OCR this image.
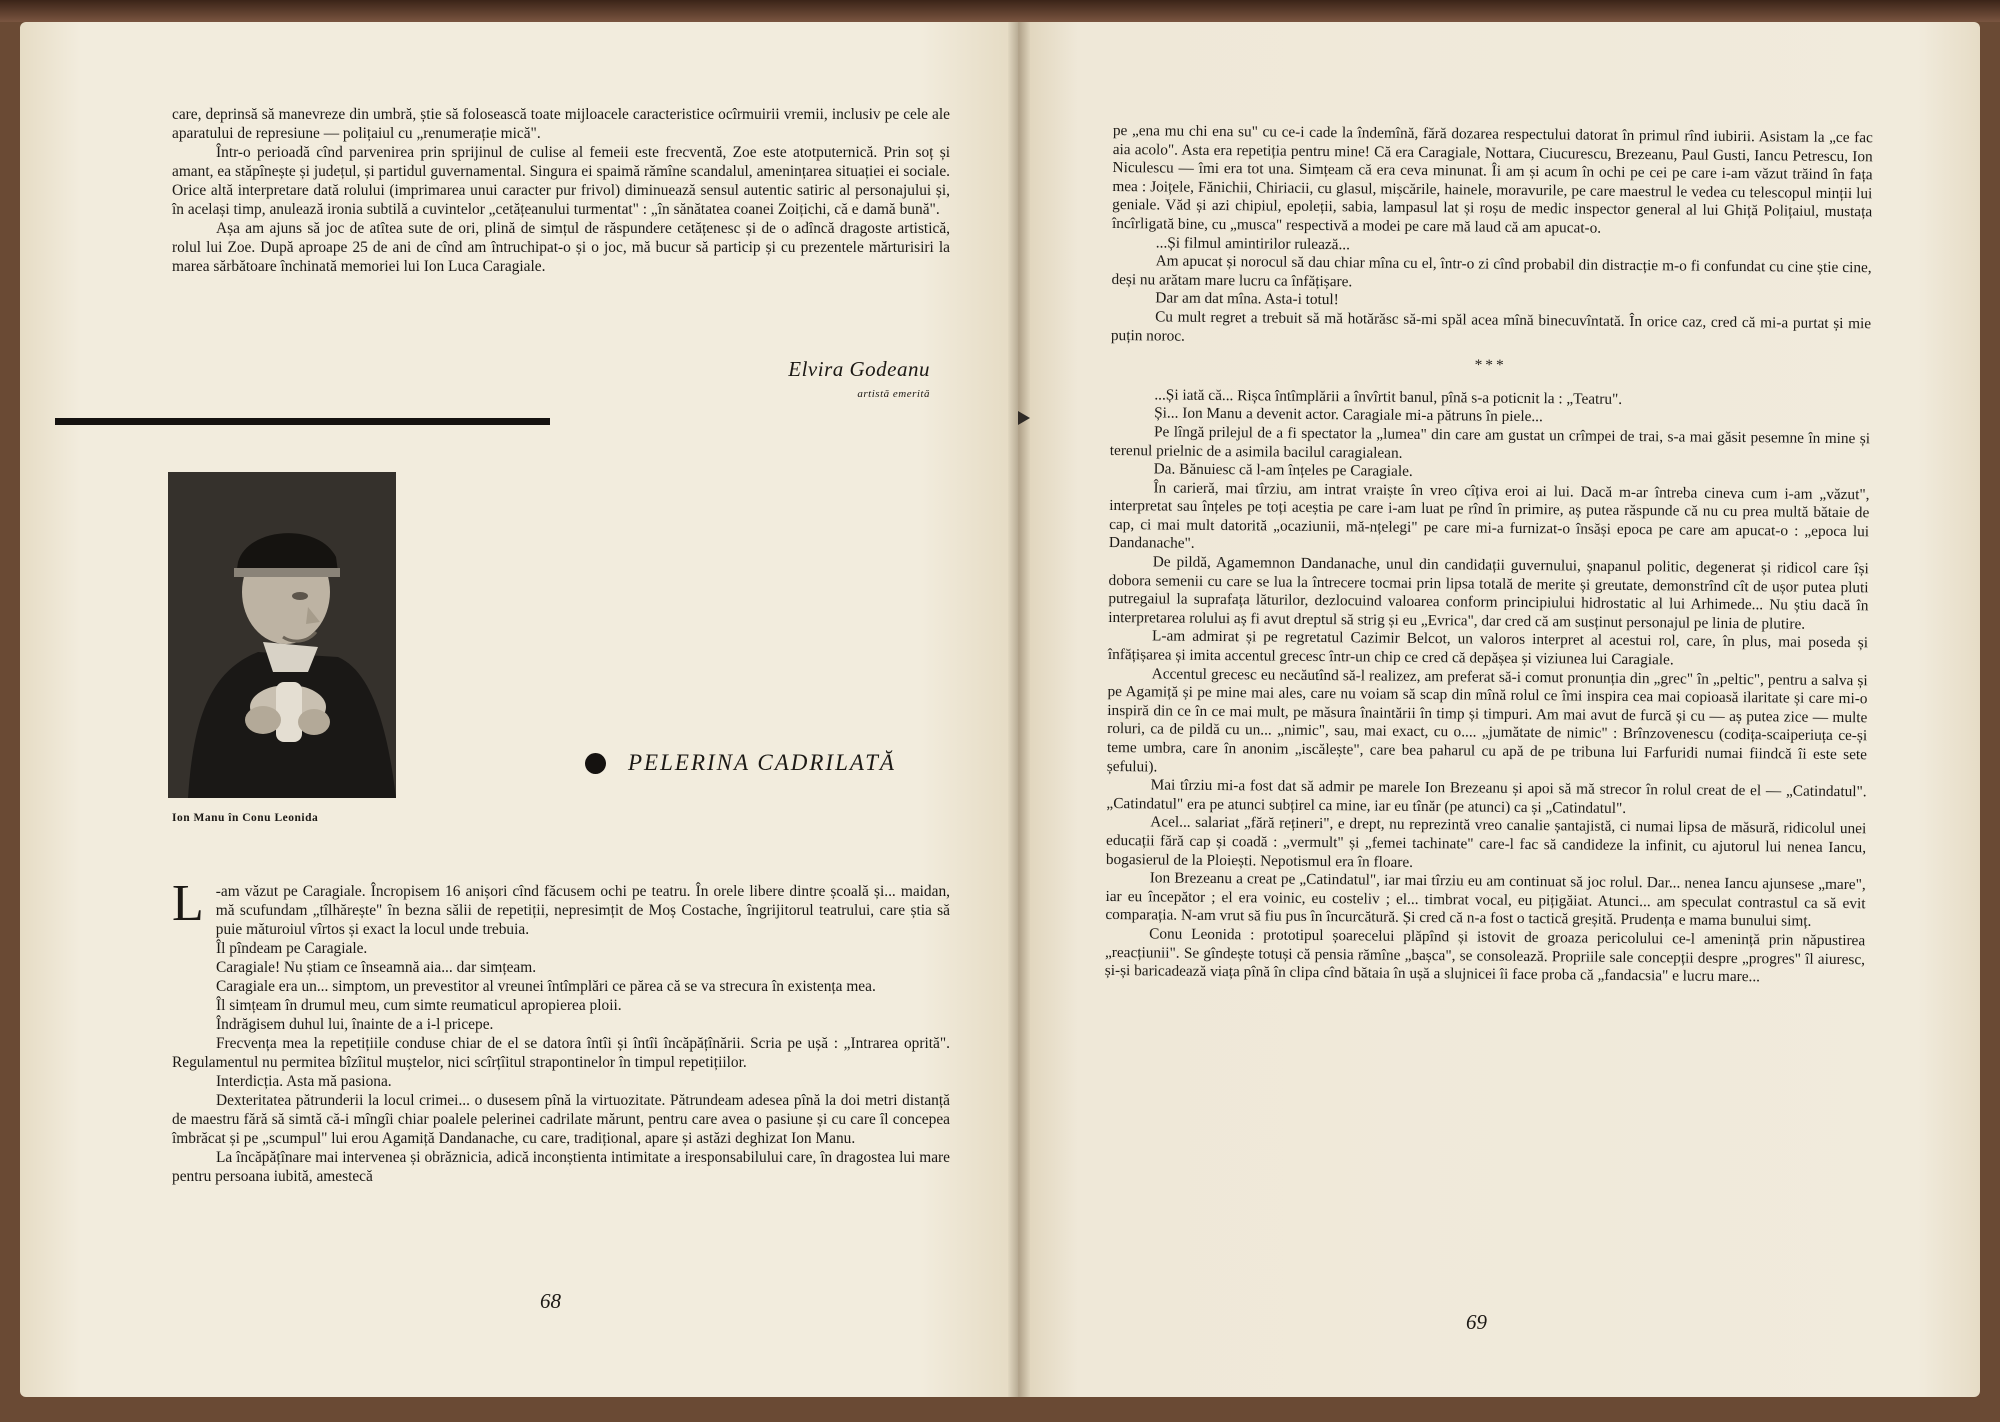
care, deprinsă să manevreze din umbră, știe să folosească toate mijloacele caracteristice ocîrmuirii vremii, inclusiv pe cele ale aparatului de represiune — polițaiul cu „renumerație mică".

Într-o perioadă cînd parvenirea prin sprijinul de culise al femeii este frecventă, Zoe este atotputernică. Prin soț și amant, ea stăpînește și județul, și partidul guvernamental. Singura ei spaimă rămîne scandalul, amenințarea situației ei sociale. Orice altă interpretare dată rolului (imprimarea unui caracter pur frivol) diminuează sensul autentic satiric al personajului și, în același timp, anulează ironia subtilă a cuvintelor „cetățeanului turmentat" : „în sănătatea coanei Zoițichi, că e damă bună".

Așa am ajuns să joc de atîtea sute de ori, plină de simțul de răspundere cetățenesc și de o adîncă dragoste artistică, rolul lui Zoe. După aproape 25 de ani de cînd am întruchipat-o și o joc, mă bucur să particip și cu prezentele mărturisiri la marea sărbătoare închinată memoriei lui Ion Luca Caragiale.

Elvira Godeanu
artistă emerită
Ion Manu în Conu Leonida
PELERINA CADRILATĂ

L -am văzut pe Caragiale. Încropisem 16 anișori cînd făcusem ochi pe teatru. În orele libere dintre școală și... maidan, mă scufundam „tîlhărește" în bezna sălii de repetiții, nepresimțit de Moș Costache, îngrijitorul teatrului, care știa să puie măturoiul vîrtos și exact la locul unde trebuia.

Îl pîndeam pe Caragiale.

Caragiale! Nu știam ce înseamnă aia... dar simțeam.

Caragiale era un... simptom, un prevestitor al vreunei întîmplări ce părea că se va strecura în existența mea.

Îl simțeam în drumul meu, cum simte reumaticul apropierea ploii.

Îndrăgisem duhul lui, înainte de a i-l pricepe.

Frecvența mea la repetițiile conduse chiar de el se datora întîi și întîi încăpățînării. Scria pe ușă : „Intrarea oprită". Regulamentul nu permitea bîzîitul muștelor, nici scîrțîitul strapontinelor în timpul repetițiilor.

Interdicția. Asta mă pasiona.

Dexteritatea pătrunderii la locul crimei... o dusesem pînă la virtuozitate. Pătrundeam adesea pînă la doi metri distanță de maestru fără să simtă că-i mîngîi chiar poalele pelerinei cadrilate mărunt, pentru care avea o pasiune și cu care îl concepea îmbrăcat și pe „scumpul" lui erou Agamiță Dandanache, cu care, tradițional, apare și astăzi deghizat Ion Manu.

La încăpățînare mai intervenea și obrăznicia, adică inconștienta intimitate a iresponsabilului care, în dragostea lui mare pentru persoana iubită, amestecă

68

pe „ena mu chi ena su" cu ce-i cade la îndemînă, fără dozarea respectului datorat în primul rînd iubirii. Asistam la „ce fac aia acolo". Asta era repetiția pentru mine! Că era Caragiale, Nottara, Ciucurescu, Brezeanu, Paul Gusti, Iancu Petrescu, Ion Niculescu — îmi era tot una. Simțeam că era ceva minunat. Îi am și acum în ochi pe cei pe care i-am văzut trăind în fața mea : Joițele, Fănichii, Chiriacii, cu glasul, mișcările, hainele, moravurile, pe care maestrul le vedea cu telescopul minții lui geniale. Văd și azi chipiul, epoleții, sabia, lampasul lat și roșu de medic inspector general al lui Ghiță Polițaiul, mustața încîrligată bine, cu „musca" respectivă a modei pe care mă laud că am apucat-o.

...Și filmul amintirilor rulează...

Am apucat și norocul să dau chiar mîna cu el, într-o zi cînd probabil din distracție m-o fi confundat cu cine știe cine, deși nu arătam mare lucru ca înfățișare.

Dar am dat mîna. Asta-i totul!

Cu mult regret a trebuit să mă hotărăsc să-mi spăl acea mînă binecuvîntată. În orice caz, cred că mi-a purtat și mie puțin noroc.

***

...Și iată că... Rișca întîmplării a învîrtit banul, pînă s-a poticnit la : „Teatru".

Și... Ion Manu a devenit actor. Caragiale mi-a pătruns în piele...

Pe lîngă prilejul de a fi spectator la „lumea" din care am gustat un crîmpei de trai, s-a mai găsit pesemne în mine și terenul prielnic de a asimila bacilul caragialean.

Da. Bănuiesc că l-am înțeles pe Caragiale.

În carieră, mai tîrziu, am intrat vraiște în vreo cîțiva eroi ai lui. Dacă m-ar întreba cineva cum i-am „văzut", interpretat sau înțeles pe toți aceștia pe care i-am luat pe rînd în primire, aș putea răspunde că nu cu prea multă bătaie de cap, ci mai mult datorită „ocaziunii, mă-nțelegi" pe care mi-a furnizat-o însăși epoca pe care am apucat-o : „epoca lui Dandanache".

De pildă, Agamemnon Dandanache, unul din candidații guvernului, șnapanul politic, degenerat și ridicol care își dobora semenii cu care se lua la întrecere tocmai prin lipsa totală de merite și greutate, demonstrînd cît de ușor putea pluti putregaiul la suprafața lăturilor, dezlocuind valoarea conform principiului hidrostatic al lui Arhimede... Nu știu dacă în interpretarea rolului aș fi avut dreptul să strig și eu „Evrica", dar cred că am susținut personajul pe linia de plutire.

L-am admirat și pe regretatul Cazimir Belcot, un valoros interpret al acestui rol, care, în plus, mai poseda și înfățișarea și imita accentul grecesc într-un chip ce cred că depășea și viziunea lui Caragiale.

Accentul grecesc eu necăutînd să-l realizez, am preferat să-i comut pronunția din „grec" în „peltic", pentru a salva și pe Agamiță și pe mine mai ales, care nu voiam să scap din mînă rolul ce îmi inspira cea mai copioasă ilaritate și care mi-o inspiră din ce în ce mai mult, pe măsura înaintării în timp și timpuri. Am mai avut de furcă și cu — aș putea zice — multe roluri, ca de pildă cu un... „nimic", sau, mai exact, cu o.... „jumătate de nimic" : Brînzovenescu (codița-scaiperiuța ce-și teme umbra, care în anonim „iscălește", care bea paharul cu apă de pe tribuna lui Farfuridi numai fiindcă îi este sete șefului).

Mai tîrziu mi-a fost dat să admir pe marele Ion Brezeanu și apoi să mă strecor în rolul creat de el — „Catindatul". „Catindatul" era pe atunci subțirel ca mine, iar eu tînăr (pe atunci) ca și „Catindatul".

Acel... salariat „fără rețineri", e drept, nu reprezintă vreo canalie șantajistă, ci numai lipsa de măsură, ridicolul unei educații fără cap și coadă : „vermult" și „femei tachinate" care-l fac să candideze la infinit, cu ajutorul lui nenea Iancu, bogasierul de la Ploiești. Nepotismul era în floare.

Ion Brezeanu a creat pe „Catindatul", iar mai tîrziu eu am continuat să joc rolul. Dar... nenea Iancu ajunsese „mare", iar eu începător ; el era voinic, eu costeliv ; el... timbrat vocal, eu pițigăiat. Atunci... am speculat contrastul ca să evit comparația. N-am vrut să fiu pus în încurcătură. Și cred că n-a fost o tactică greșită. Prudența e mama bunului simț.

Conu Leonida : prototipul șoarecelui plăpînd și istovit de groaza pericolului ce-l amenință prin năpustirea „reacțiunii". Se gîndește totuși că pensia rămîne „bașca", se consolează. Propriile sale concepții despre „progres" îl aiuresc, și-și baricadează viața pînă în clipa cînd bătaia în ușă a slujnicei îi face proba că „fandacsia" e lucru mare...

69
